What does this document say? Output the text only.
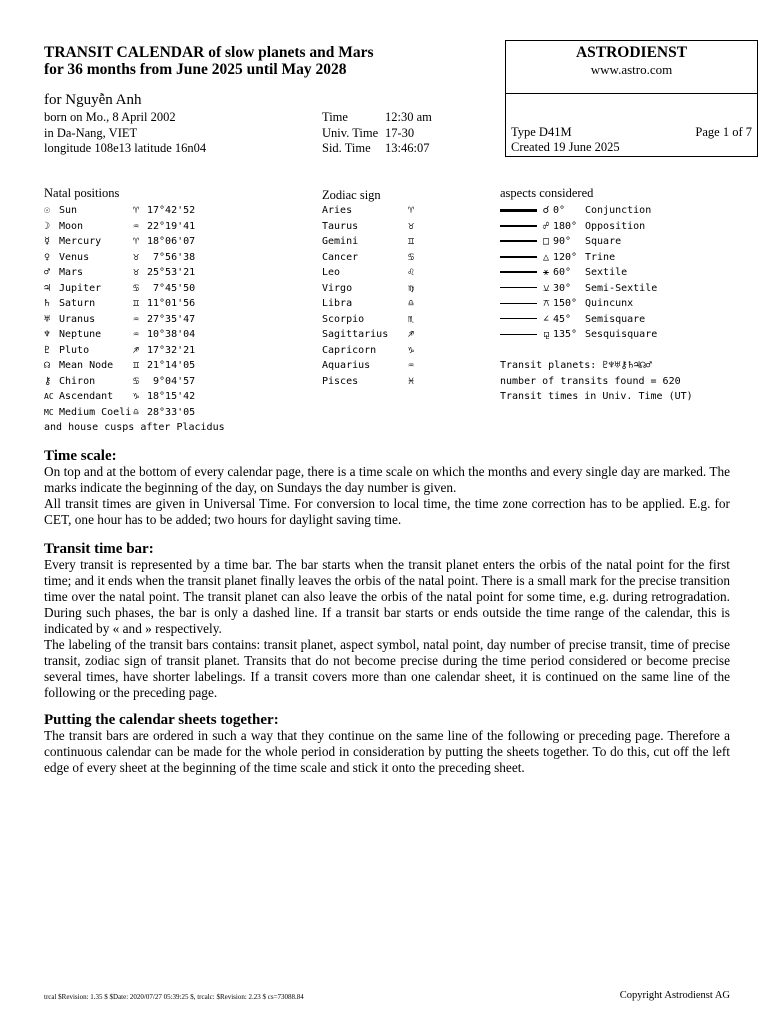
TRANSIT CALENDAR of slow planets and Mars
for 36 months from June 2025 until May 2028
ASTRODIENST
www.astro.com
Type D41M	Page 1 of 7
Created 19 June 2025
for Nguyễn Anh
born on Mo., 8 April 2002
in Da-Nang, VIET
longitude 108e13 latitude 16n04
Time	12:30 am
Univ. Time 17-30
Sid. Time 13:46:07
Natal positions	Zodiac sign	aspects considered
☉ Sun	♈ 17°42'52
☽ Moon	♒ 22°19'41
☿ Mercury	♈ 18°06'07
♀ Venus	♉ 7°56'38
♂ Mars	♉ 25°53'21
♃ Jupiter	♋ 7°45'50
♄ Saturn	♊ 11°01'56
♅ Uranus	♒ 27°35'47
♆ Neptune	♒ 10°38'04
♇ Pluto	♐ 17°32'21
☊ Mean Node ♊ 21°14'05
⚷ Chiron	♋ 9°04'57
AC Ascendant ♑ 18°15'42
MC Medium Coeli ♎ 28°33'05
and house cusps after Placidus
Aries	♈
Taurus	♉
Gemini	♊
Cancer	♋
Leo	♌
Virgo	♍
Libra	♎
Scorpio	♏
Sagittarius ♐
Capricorn	♑
Aquarius	♒
Pisces	♓
☌ 0° Conjunction
☍ 180° Opposition
□ 90° Square
△ 120° Trine
⚹ 60° Sextile
⚺ 30° Semi-Sextile
⚻ 150° Quincunx
∠ 45° Semisquare
⚼ 135° Sesquisquare
Transit planets: ♇♆♅⚷♄♃☊♂
number of transits found = 620
Transit times in Univ. Time (UT)
Time scale:

On top and at the bottom of every calendar page, there is a time scale on which the months and every single day are marked. The marks indicate the beginning of the day, on Sundays the day number is given.

All transit times are given in Universal Time. For conversion to local time, the time zone correction has to be applied. E.g. for CET, one hour has to be added; two hours for daylight saving time.

Transit time bar:

Every transit is represented by a time bar. The bar starts when the transit planet enters the orbis of the natal point for the first time; and it ends when the transit planet finally leaves the orbis of the natal point. There is a small mark for the precise transition time over the natal point. The transit planet can also leave the orbis of the natal point for some time, e.g. during retrogradation. During such phases, the bar is only a dashed line. If a transit bar starts or ends outside the time range of the calendar, this is indicated by « and » respectively.

The labeling of the transit bars contains: transit planet, aspect symbol, natal point, day number of precise transit, time of precise transit, zodiac sign of transit planet. Transits that do not become precise during the time period considered or become precise several times, have shorter labelings. If a transit covers more than one calendar sheet, it is continued on the same line of the following or the preceding page.

Putting the calendar sheets together:

The transit bars are ordered in such a way that they continue on the same line of the following or preceding page. Therefore a continuous calendar can be made for the whole period in consideration by putting the sheets together. To do this, cut off the left edge of every sheet at the beginning of the time scale and stick it onto the preceding sheet.

trcal $Revision: 1.35 $ $Date: 2020/07/27 05:39:25 $, trcalc: $Revision: 2.23 $ cs=73088.84	Copyright Astrodienst AG
